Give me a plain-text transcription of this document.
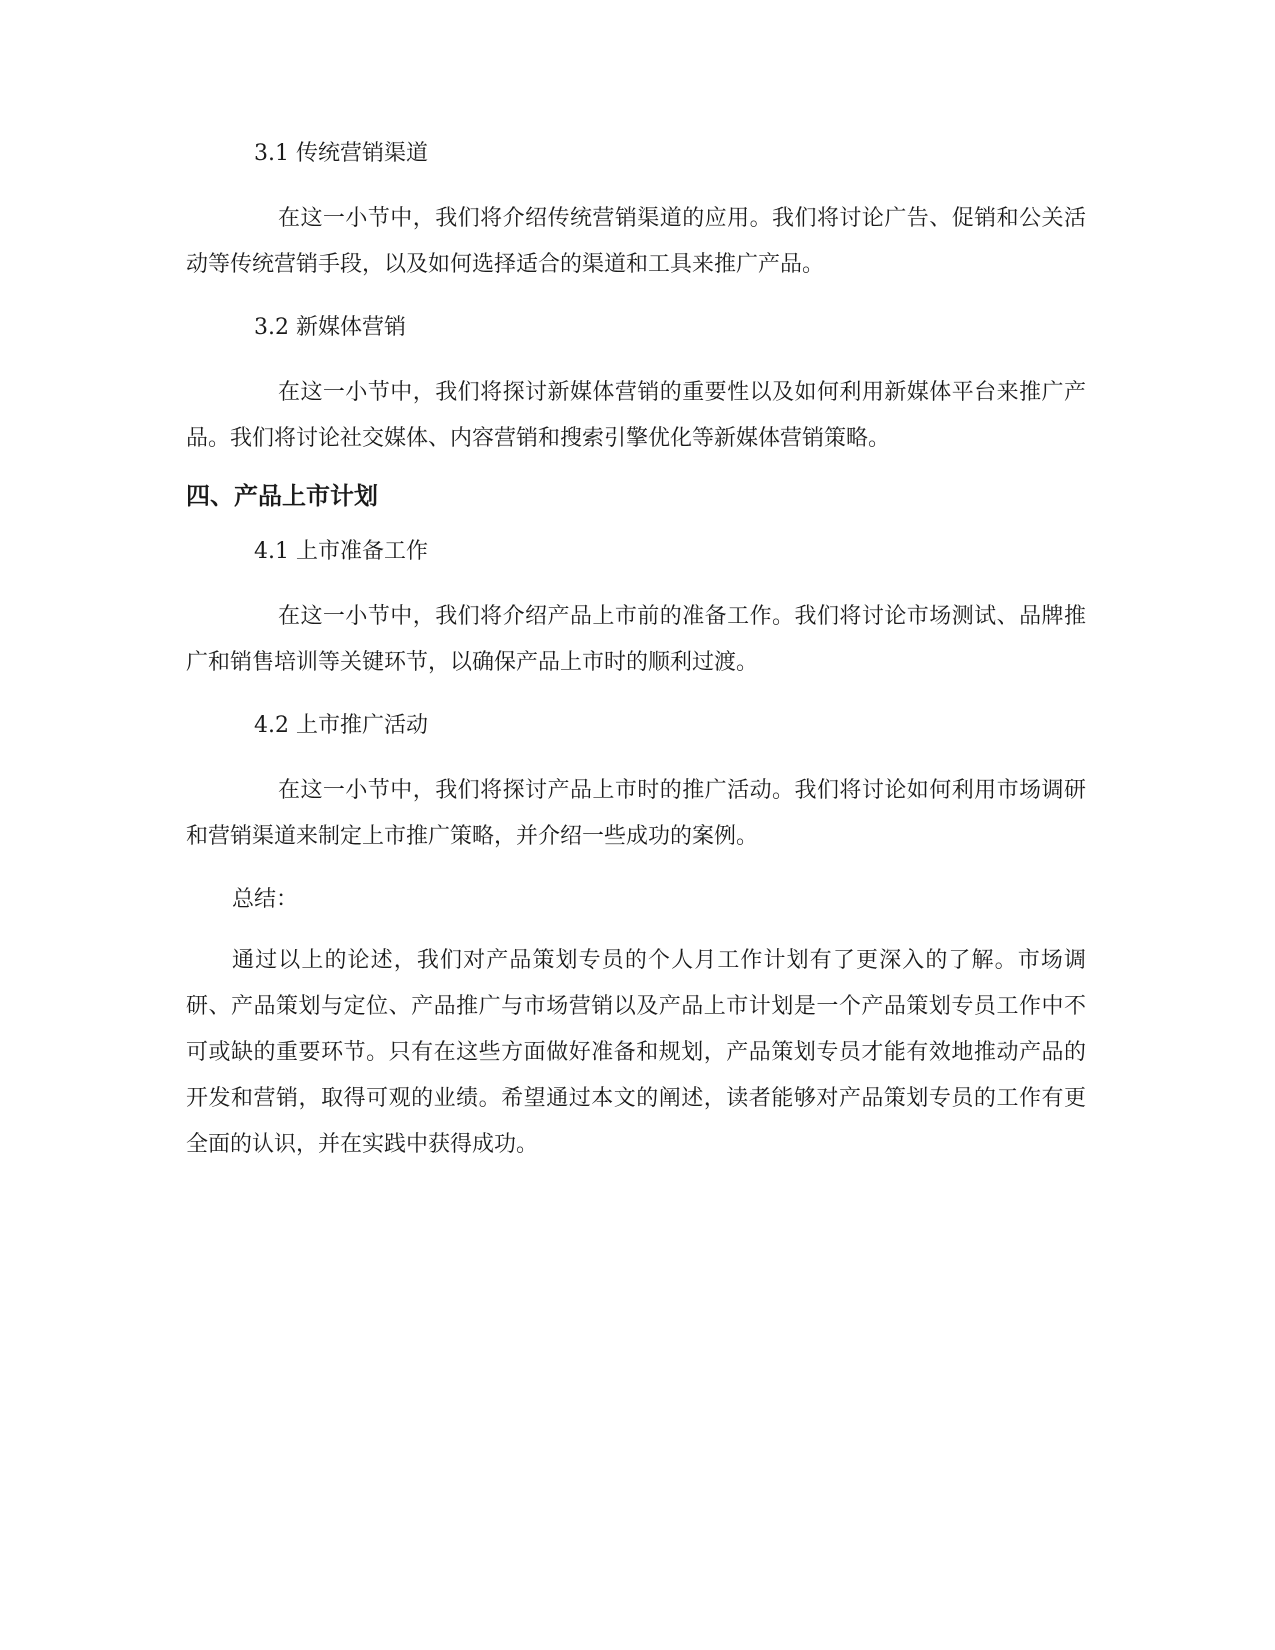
3.1 传统营销渠道

在这一小节中，我们将介绍传统营销渠道的应用。我们将讨论广告、促销和公关活动等传统营销手段，以及如何选择适合的渠道和工具来推广产品。

3.2 新媒体营销

在这一小节中，我们将探讨新媒体营销的重要性以及如何利用新媒体平台来推广产品。我们将讨论社交媒体、内容营销和搜索引擎优化等新媒体营销策略。

四、产品上市计划

4.1 上市准备工作

在这一小节中，我们将介绍产品上市前的准备工作。我们将讨论市场测试、品牌推广和销售培训等关键环节，以确保产品上市时的顺利过渡。

4.2 上市推广活动

在这一小节中，我们将探讨产品上市时的推广活动。我们将讨论如何利用市场调研和营销渠道来制定上市推广策略，并介绍一些成功的案例。

总结：

通过以上的论述，我们对产品策划专员的个人月工作计划有了更深入的了解。市场调研、产品策划与定位、产品推广与市场营销以及产品上市计划是一个产品策划专员工作中不可或缺的重要环节。只有在这些方面做好准备和规划，产品策划专员才能有效地推动产品的开发和营销，取得可观的业绩。希望通过本文的阐述，读者能够对产品策划专员的工作有更全面的认识，并在实践中获得成功。
